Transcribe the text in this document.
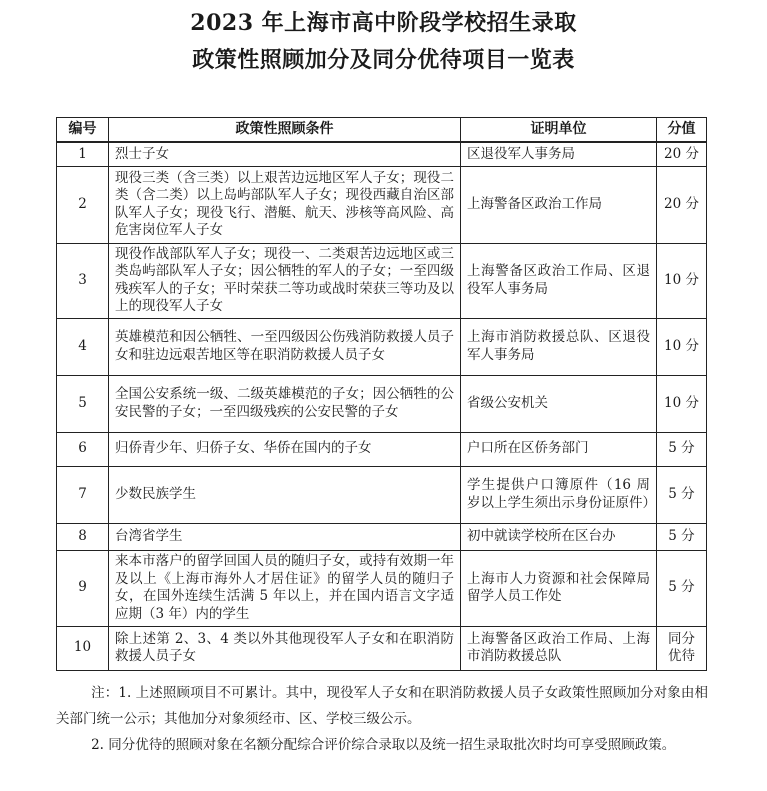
2023 年上海市高中阶段学校招生录取
政策性照顾加分及同分优待项目一览表
编号	政策性照顾条件	证明单位	分值
1	烈士子女	区退役军人事务局	20 分
2	现役三类（含三类）以上艰苦边远地区军人子女；现役二类（含二类）以上岛屿部队军人子女；现役西藏自治区部队军人子女；现役飞行、潜艇、航天、涉核等高风险、高危害岗位军人子女	上海警备区政治工作局	20 分
3	现役作战部队军人子女；现役一、二类艰苦边远地区或三类岛屿部队军人子女；因公牺牲的军人的子女；一至四级残疾军人的子女；平时荣获二等功或战时荣获三等功及以上的现役军人子女	上海警备区政治工作局、区退役军人事务局	10 分
4	英雄模范和因公牺牲、一至四级因公伤残消防救援人员子女和驻边远艰苦地区等在职消防救援人员子女	上海市消防救援总队、区退役军人事务局	10 分
5	全国公安系统一级、二级英雄模范的子女；因公牺牲的公安民警的子女；一至四级残疾的公安民警的子女	省级公安机关	10 分
6	归侨青少年、归侨子女、华侨在国内的子女	户口所在区侨务部门	5 分
7	少数民族学生	学生提供户口簿原件（16 周岁以上学生须出示身份证原件）	5 分
8	台湾省学生	初中就读学校所在区台办	5 分
9	来本市落户的留学回国人员的随归子女，或持有效期一年及以上《上海市海外人才居住证》的留学人员的随归子女，在国外连续生活满 5 年以上，并在国内语言文字适应期（3 年）内的学生	上海市人力资源和社会保障局留学人员工作处	5 分
10	除上述第 2、3、4 类以外其他现役军人子女和在职消防救援人员子女	上海警备区政治工作局、上海市消防救援总队	同分优待

注：1. 上述照顾项目不可累计。其中，现役军人子女和在职消防救援人员子女政策性照顾加分对象由相关部门统一公示；其他加分对象须经市、区、学校三级公示。

2. 同分优待的照顾对象在名额分配综合评价综合录取以及统一招生录取批次时均可享受照顾政策。
